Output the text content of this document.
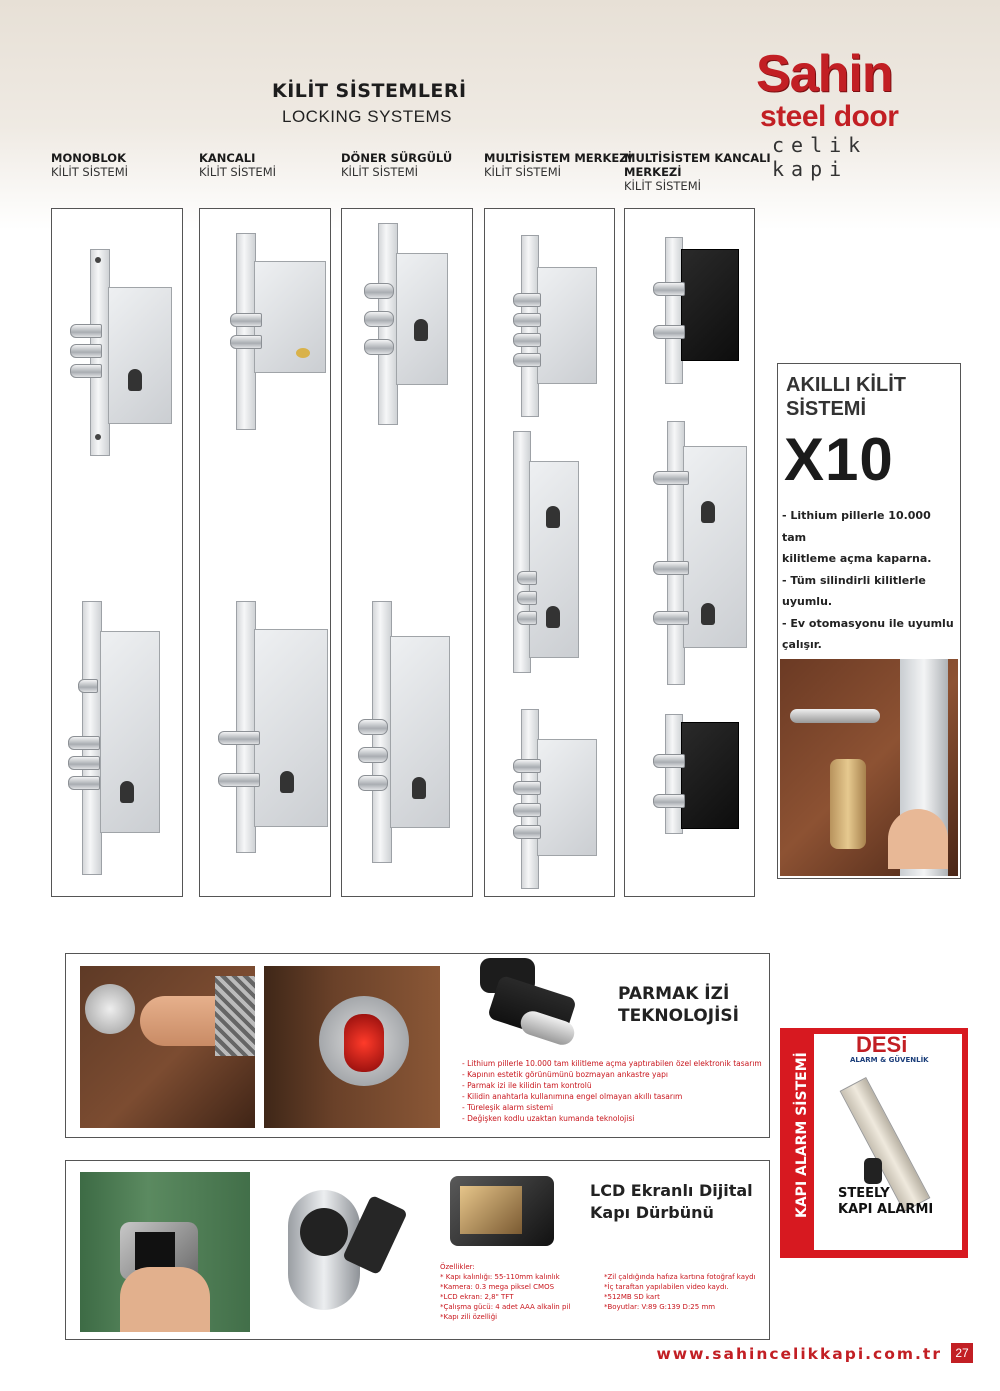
KİLİT SİSTEMLERİ
LOCKING SYSTEMS
Sahin
steel door
celik kapi
MONOBLOK
KİLİT SİSTEMİ
KANCALI
KİLİT SİSTEMİ
DÖNER SÜRGÜLÜ
KİLİT SİSTEMİ
MULTİSİSTEM MERKEZİ
KİLİT SİSTEMİ
MULTİSİSTEM KANCALI
MERKEZİ
KİLİT SİSTEMİ
AKILLI KİLİT
SİSTEMİ
X10
- Lithium pillerle 10.000 tam
kilitleme açma kaparna.
- Tüm silindirli kilitlerle
uyumlu.
- Ev otomasyonu ile uyumlu
çalışır.
PARMAK İZİ
TEKNOLOJİSİ
- Lithium pillerle 10.000 tam kilitleme açma yaptırabilen özel elektronik tasarım
- Kapının estetik görünümünü bozmayan ankastre yapı
- Parmak izi ile kilidin tam kontrolü
- Kilidin anahtarla kullanımına engel olmayan akıllı tasarım
- Türeleşik alarm sistemi
- Değişken kodlu uzaktan kumanda teknolojisi	KAPI ALARM SİSTEMİ
DESi
ALARM & GÜVENLİK
STEELY
KAPI ALARMI
LCD Ekranlı Dijital
Kapı Dürbünü
Özellikler:
* Kapı kalınlığı: 55-110mm kalınlık
*Kamera: 0.3 mega piksel CMOS
*LCD ekran: 2,8" TFT
*Çalışma gücü: 4 adet AAA alkalin pil
*Kapı zili özelliği
*Zil çaldığında hafıza kartına fotoğraf kaydı
*İç taraftan yapılabilen video kaydı.
*512MB SD kart
*Boyutlar: V:89 G:139 D:25 mm
www.sahincelikkapi.com.tr	27
